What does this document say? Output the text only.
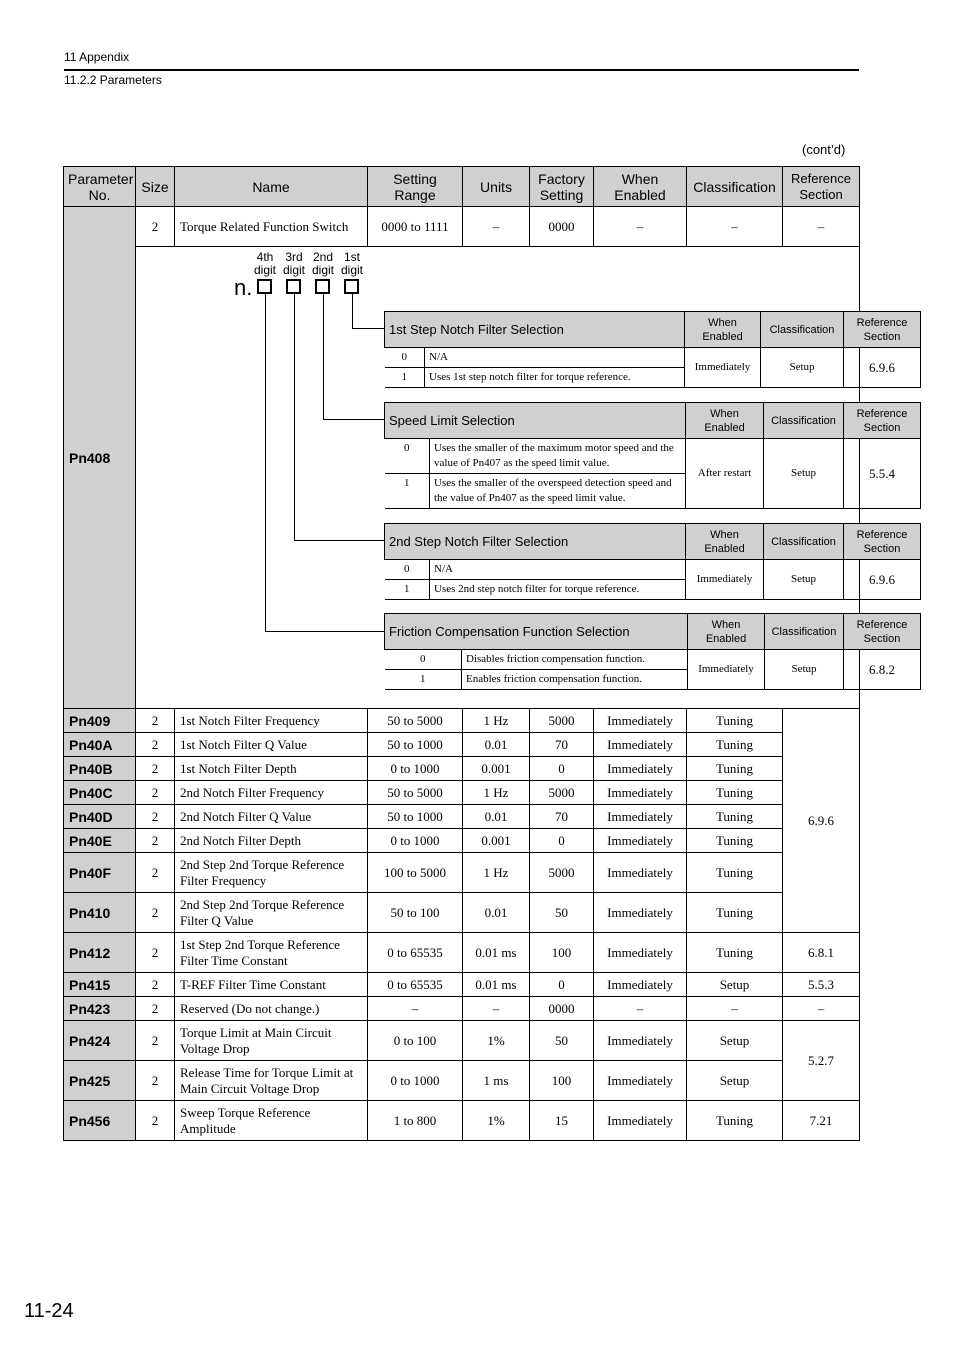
11 Appendix
11.2.2 Parameters
(cont’d)
Parameter No.	Size	Name	Setting Range	Units	Factory Setting	When Enabled	Classification	Reference Section
Pn408	2	Torque Related Function Switch	0000 to 1111	–	0000	–	–	–

4th digit
3rd digit
2nd digit
1st digit
n.
1st Step Notch Filter Selection	When Enabled	Classification	Reference Section
0	N/A	Immediately	Setup	6.9.6
1	Uses 1st step notch filter for torque reference.
Speed Limit Selection	When Enabled	Classification	Reference Section
0	Uses the smaller of the maximum motor speed and the value of Pn407 as the speed limit value.	After restart	Setup	5.5.4
1	Uses the smaller of the overspeed detection speed and the value of Pn407 as the speed limit value.
2nd Step Notch Filter Selection	When Enabled	Classification	Reference Section
0	N/A	Immediately	Setup	6.9.6
1	Uses 2nd step notch filter for torque reference.
Friction Compensation Function Selection	When Enabled	Classification	Reference Section
0	Disables friction compensation function.	Immediately	Setup	6.8.2
1	Enables friction compensation function.

Pn409	2	1st Notch Filter Frequency	50 to 5000	1 Hz	5000	Immediately	Tuning	6.9.6
Pn40A	2	1st Notch Filter Q Value	50 to 1000	0.01	70	Immediately	Tuning
Pn40B	2	1st Notch Filter Depth	0 to 1000	0.001	0	Immediately	Tuning
Pn40C	2	2nd Notch Filter Frequency	50 to 5000	1 Hz	5000	Immediately	Tuning
Pn40D	2	2nd Notch Filter Q Value	50 to 1000	0.01	70	Immediately	Tuning
Pn40E	2	2nd Notch Filter Depth	0 to 1000	0.001	0	Immediately	Tuning
Pn40F	2	2nd Step 2nd Torque Reference Filter Frequency	100 to 5000	1 Hz	5000	Immediately	Tuning
Pn410	2	2nd Step 2nd Torque Reference Filter Q Value	50 to 100	0.01	50	Immediately	Tuning
Pn412	2	1st Step 2nd Torque Reference Filter Time Constant	0 to 65535	0.01 ms	100	Immediately	Tuning	6.8.1
Pn415	2	T-REF Filter Time Constant	0 to 65535	0.01 ms	0	Immediately	Setup	5.5.3
Pn423	2	Reserved (Do not change.)	–	–	0000	–	–	–
Pn424	2	Torque Limit at Main Circuit Voltage Drop	0 to 100	1%	50	Immediately	Setup	5.2.7
Pn425	2	Release Time for Torque Limit at Main Circuit Voltage Drop	0 to 1000	1 ms	100	Immediately	Setup
Pn456	2	Sweep Torque Reference Amplitude	1 to 800	1%	15	Immediately	Tuning	7.21
11-24
